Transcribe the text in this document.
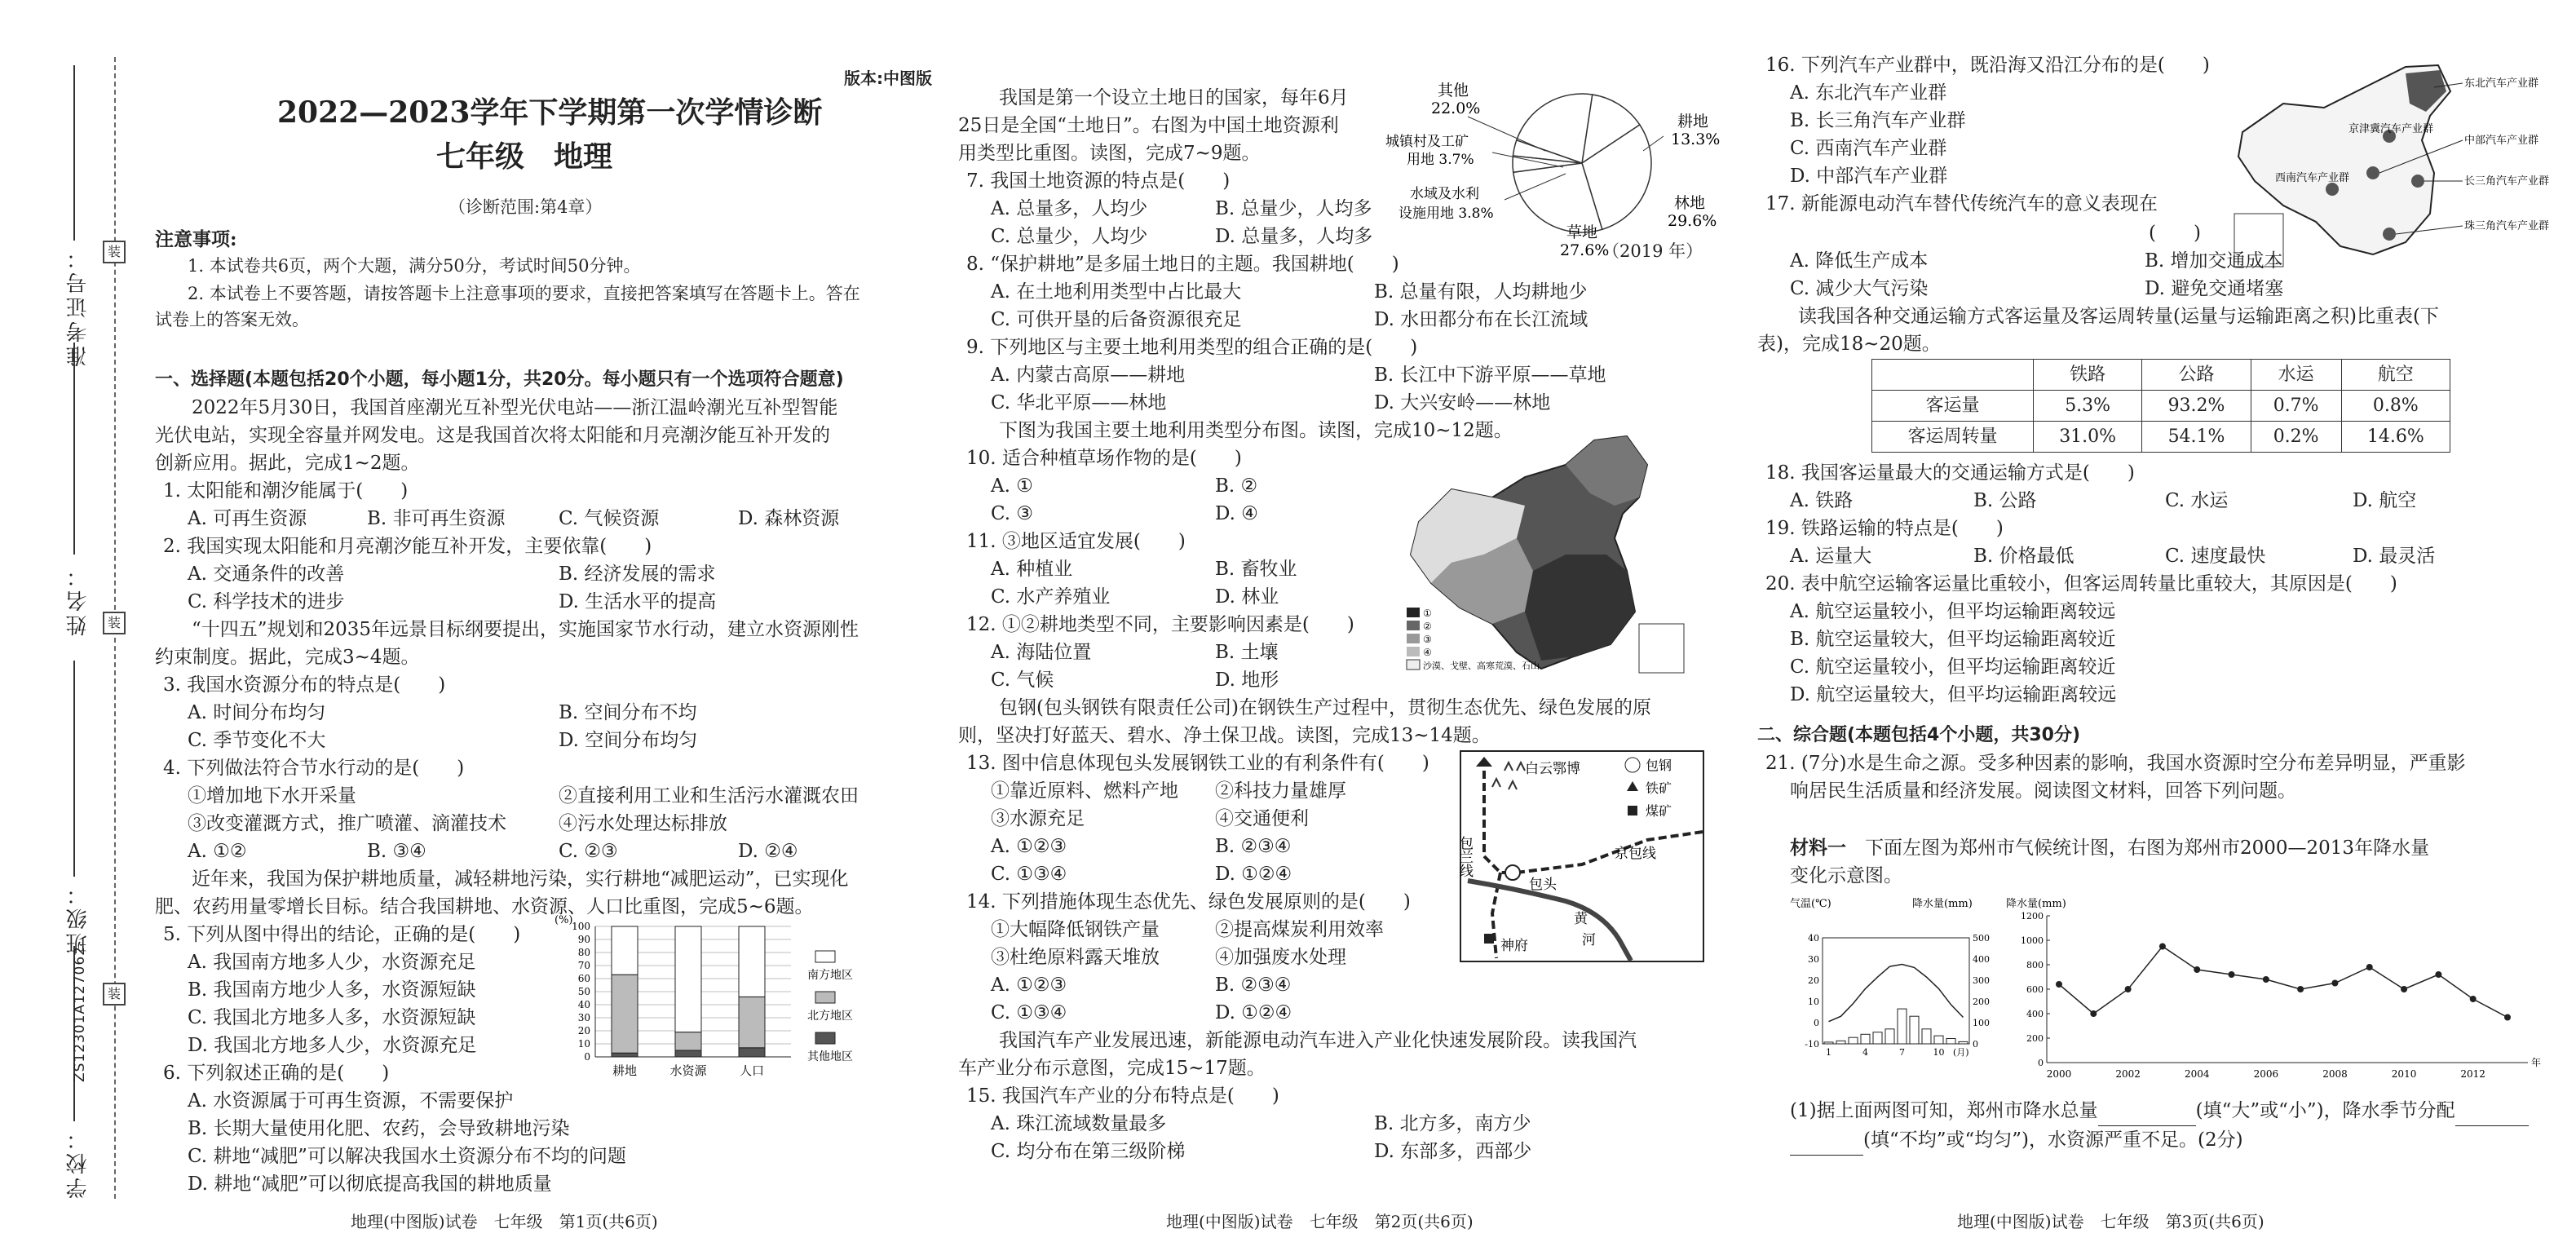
准考证号：
姓名：
班级：
学校：
ZS12301A127062
装
装
装
版本:中图版
2022—2023学年下学期第一次学情诊断
七年级　地理
（诊断范围:第4章）
注意事项:
1. 本试卷共6页，两个大题，满分50分，考试时间50分钟。
2. 本试卷上不要答题，请按答题卡上注意事项的要求，直接把答案填写在答题卡上。答在
试卷上的答案无效。
一、选择题(本题包括20个小题，每小题1分，共20分。每小题只有一个选项符合题意)
2022年5月30日，我国首座潮光互补型光伏电站——浙江温岭潮光互补型智能
光伏电站，实现全容量并网发电。这是我国首次将太阳能和月亮潮汐能互补开发的
创新应用。据此，完成1~2题。
1. 太阳能和潮汐能属于(　　)
A. 可再生资源	B. 非可再生资源	C. 气候资源	D. 森林资源
2. 我国实现太阳能和月亮潮汐能互补开发，主要依靠(　　)
A. 交通条件的改善	B. 经济发展的需求
C. 科学技术的进步	D. 生活水平的提高
“十四五”规划和2035年远景目标纲要提出，实施国家节水行动，建立水资源刚性
约束制度。据此，完成3~4题。
3. 我国水资源分布的特点是(　　)
A. 时间分布均匀	B. 空间分布不均
C. 季节变化不大	D. 空间分布均匀
4. 下列做法符合节水行动的是(　　)
①增加地下水开采量	②直接利用工业和生活污水灌溉农田
③改变灌溉方式，推广喷灌、滴灌技术	④污水处理达标排放
A. ①②	B. ③④	C. ②③	D. ②④
近年来，我国为保护耕地质量，减轻耕地污染，实行耕地“减肥运动”，已实现化
肥、农药用量零增长目标。结合我国耕地、水资源、人口比重图，完成5~6题。
5. 下列从图中得出的结论，正确的是(　　)
A. 我国南方地多人少，水资源充足
B. 我国南方地少人多，水资源短缺
C. 我国北方地多人多，水资源短缺
D. 我国北方地多人少，水资源充足
6. 下列叙述正确的是(　　)
A. 水资源属于可再生资源，不需要保护
B. 长期大量使用化肥、农药，会导致耕地污染
C. 耕地“减肥”可以解决我国水土资源分布不均的问题
D. 耕地“减肥”可以彻底提高我国的耕地质量
(%)
0
10
20
30
40
50
60
70
80
90
100
耕地	水资源	人口
南方地区
北方地区
其他地区
地理(中图版)试卷　七年级　第1页(共6页)
我国是第一个设立土地日的国家，每年6月
25日是全国“土地日”。右图为中国土地资源利
用类型比重图。读图，完成7~9题。
其他
22.0%
城镇村及工矿
用地 3.7%
水域及水利
设施用地 3.8%
草地
27.6%
林地
29.6%
耕地
13.3%
（2019 年）
7. 我国土地资源的特点是(　　)
A. 总量多，人均少	B. 总量少，人均多
C. 总量少，人均少	D. 总量多，人均多
8. “保护耕地”是多届土地日的主题。我国耕地(　　)
A. 在土地利用类型中占比最大	B. 总量有限，人均耕地少
C. 可供开垦的后备资源很充足	D. 水田都分布在长江流域
9. 下列地区与主要土地利用类型的组合正确的是(　　)
A. 内蒙古高原——耕地	B. 长江中下游平原——草地
C. 华北平原——林地	D. 大兴安岭——林地
下图为我国主要土地利用类型分布图。读图，完成10~12题。
10. 适合种植草场作物的是(　　)
A. ①	B. ②
C. ③	D. ④
11. ③地区适宜发展(　　)
A. 种植业	B. 畜牧业
C. 水产养殖业	D. 林业
12. ①②耕地类型不同，主要影响因素是(　　)
A. 海陆位置	B. 土壤
C. 气候	D. 地形
①
②
③
④
沙漠、戈壁、高寒荒漠、石山
包钢(包头钢铁有限责任公司)在钢铁生产过程中，贯彻生态优先、绿色发展的原
则，坚决打好蓝天、碧水、净土保卫战。读图，完成13~14题。
13. 图中信息体现包头发展钢铁工业的有利条件有(　　)
①靠近原料、燃料产地 ②科技力量雄厚
③水源充足	④交通便利
A. ①②③	B. ②③④
C. ①③④	D. ①②④
14. 下列措施体现生态优先、绿色发展原则的是(　　)
①大幅降低钢铁产量	②提高煤炭利用效率
③杜绝原料露天堆放	④加强废水处理
A. ①②③	B. ②③④
C. ①③④	D. ①②④
白云鄂博
包兰线	京包线
包头
神府
黄
河
包钢
铁矿
煤矿
我国汽车产业发展迅速，新能源电动汽车进入产业化快速发展阶段。读我国汽
车产业分布示意图，完成15~17题。
15. 我国汽车产业的分布特点是(　　)
A. 珠江流域数量最多	B. 北方多，南方少
C. 均分布在第三级阶梯	D. 东部多，西部少
地理(中图版)试卷　七年级　第2页(共6页)
16. 下列汽车产业群中，既沿海又沿江分布的是(　　)
A. 东北汽车产业群
B. 长三角汽车产业群
C. 西南汽车产业群
D. 中部汽车产业群
17. 新能源电动汽车替代传统汽车的意义表现在
(　　)
东北汽车产业群
京津冀汽车产业群
中部汽车产业群
西南汽车产业群	长三角汽车产业群
珠三角汽车产业群
A. 降低生产成本	B. 增加交通成本
C. 减少大气污染	D. 避免交通堵塞
读我国各种交通运输方式客运量及客运周转量(运量与运输距离之积)比重表(下
表)，完成18~20题。
	铁路	公路	水运	航空
客运量	5.3%	93.2%	0.7%	0.8%
客运周转量	31.0%	54.1%	0.2%	14.6%
18. 我国客运量最大的交通运输方式是(　　)
A. 铁路	B. 公路	C. 水运	D. 航空
19. 铁路运输的特点是(　　)
A. 运量大	B. 价格最低	C. 速度最快	D. 最灵活
20. 表中航空运输客运量比重较小，但客运周转量比重较大，其原因是(　　)
A. 航空运量较小，但平均运输距离较远
B. 航空运量较大，但平均运输距离较近
C. 航空运量较小，但平均运输距离较近
D. 航空运量较大，但平均运输距离较远
二、综合题(本题包括4个小题，共30分)
21. (7分)水是生命之源。受多种因素的影响，我国水资源时空分布差异明显，严重影
响居民生活质量和经济发展。阅读图文材料，回答下列问题。
材料一　下面左图为郑州市气候统计图，右图为郑州市2000—2013年降水量
变化示意图。
气温(℃)	降水量(mm)
-10
0
10
20
30
40
0
100
200
300
400
500
1	4	7	10 (月)
降水量(mm)
0
200
400
600
800
1000
1200
2000	2002	2004	2006	2008	2010	2012
年
(1)据上面两图可知，郑州市降水总量	(填“大”或“小”)，降水季节分配
(填“不均”或“均匀”)，水资源严重不足。(2分)
地理(中图版)试卷　七年级　第3页(共6页)
